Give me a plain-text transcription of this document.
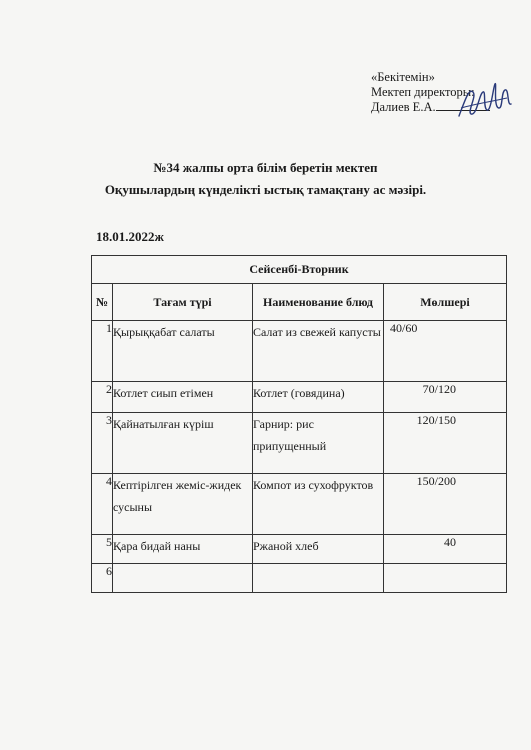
«Бекітемін»
Мектеп директоры:
Далиев Е.А.
№34 жалпы орта білім беретін мектеп
Оқушылардың күнделікті ыстық тамақтану ас мәзірі.
18.01.2022ж
Сейсенбі-Вторник			
№	Тағам түрі	Наименование блюд	Мөлшері
1	Қырыққабат салаты	Салат из свежей капусты	40/60
2	Котлет сиып етімен	Котлет (говядина)	70/120
3	Қайнатылған күріш	Гарнир: рис припущенный	120/150
4	Кептірілген жеміс-жидек сусыны	Компот из сухофруктов	150/200
5	Қара бидай наны	Ржаной хлеб	40
6			
